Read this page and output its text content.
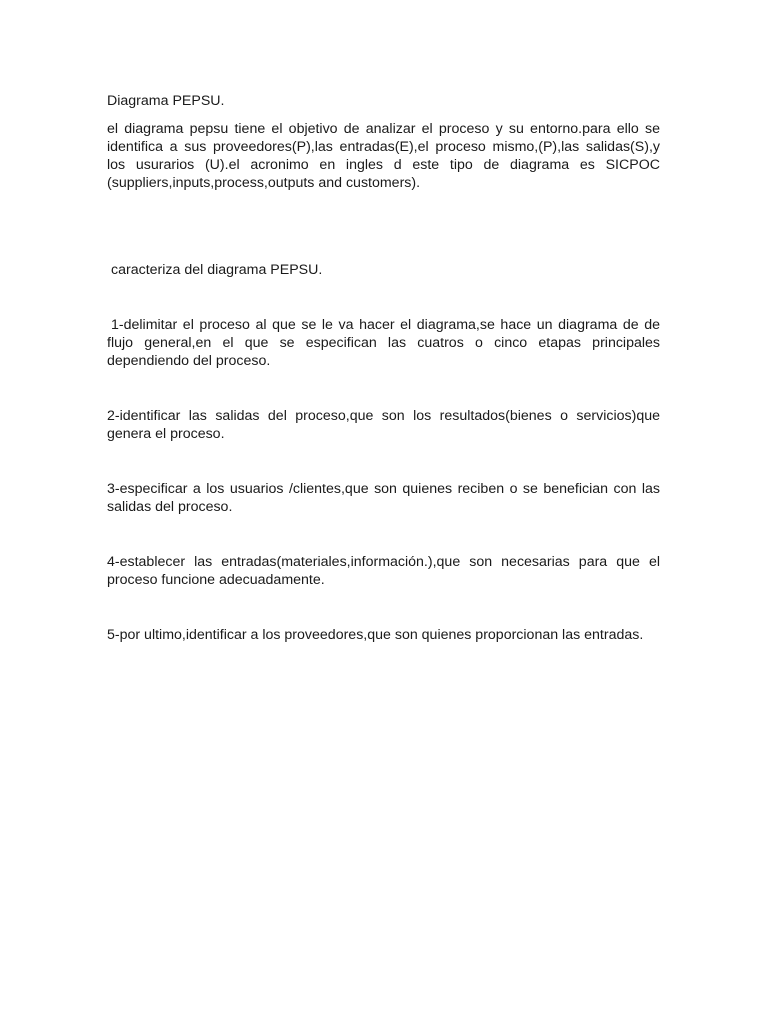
Diagrama PEPSU.

el diagrama pepsu tiene el objetivo de analizar el proceso y su entorno.para ello se identifica a sus proveedores(P),las entradas(E),el proceso mismo,(P),las salidas(S),y los usurarios (U).el acronimo en ingles d este tipo de diagrama es SICPOC (suppliers,inputs,process,outputs and customers).

caracteriza del diagrama PEPSU.

1-delimitar el proceso al que se le va hacer el diagrama,se hace un diagrama de de flujo general,en el que se especifican las cuatros o cinco etapas principales dependiendo del proceso.

2-identificar las salidas del proceso,que son los resultados(bienes o servicios)que genera el proceso.

3-especificar a los usuarios /clientes,que son quienes reciben o se benefician con las salidas del proceso.

4-establecer las entradas(materiales,información.),que son necesarias para que el proceso funcione adecuadamente.

5-por ultimo,identificar a los proveedores,que son quienes proporcionan las entradas.
